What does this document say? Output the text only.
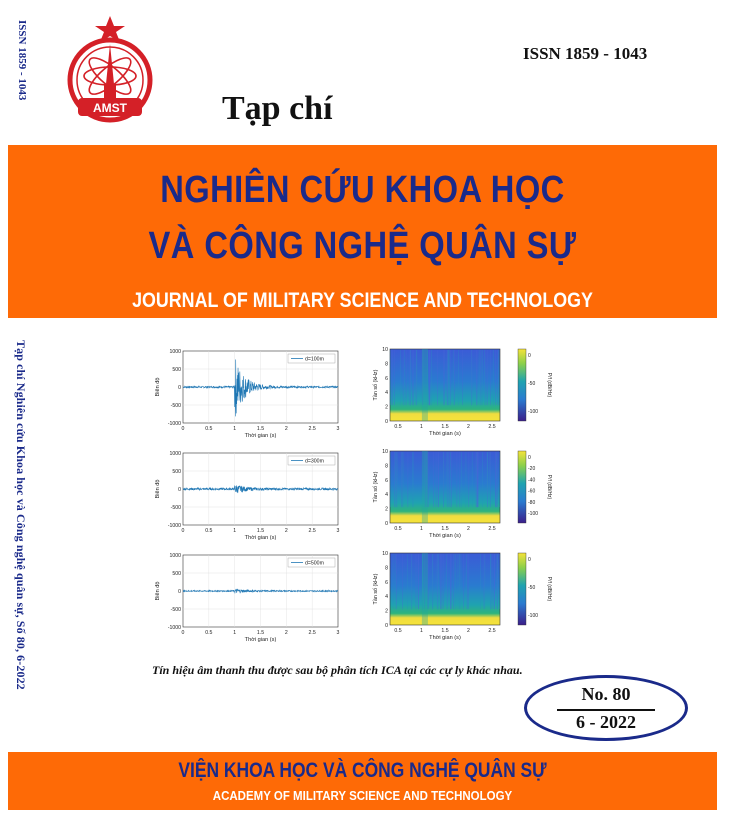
ISSN 1859 - 1043
Tạp chí Nghiên cứu Khoa học và Công nghệ quân sự, Số 80, 6-2022
AMST	Tạp chí
ISSN 1859 - 1043
NGHIÊN CỨU KHOA HỌC
VÀ CÔNG NGHỆ QUÂN SỰ
JOURNAL OF MILITARY SCIENCE AND TECHNOLOGY
1000
500
0
-500
-1000
0	0.5	1	1.5	2	2.5	3
Thời gian (s)
Biên độ
d=100m
1000
500
0
-500
-1000
0	0.5	1	1.5	2	2.5	3
Thời gian (s)
Biên độ
d=300m
1000
500
0
-500
-1000
0	0.5	1	1.5	2	2.5	3
Thời gian (s)
Biên độ
d=500m
10
8
6
4
2
0
0.5	1	1.5	2	2.5
Thời gian (s)
Tần số (kHz)
0
-50
-100
P/f (dB/Hz)
10
8
6
4
2
0
0.5	1	1.5	2	2.5
Thời gian (s)
Tần số (kHz)
0
-20
-40
-60
-80
-100
P/f (dB/Hz)
10
8
6
4
2
0
0.5	1	1.5	2	2.5
Thời gian (s)
Tần số (kHz)
0
-50
-100
P/f (dB/Hz)
Tín hiệu âm thanh thu được sau bộ phân tích ICA tại các cự ly khác nhau.
No. 80
6 - 2022
VIỆN KHOA HỌC VÀ CÔNG NGHỆ QUÂN SỰ
ACADEMY OF MILITARY SCIENCE AND TECHNOLOGY
